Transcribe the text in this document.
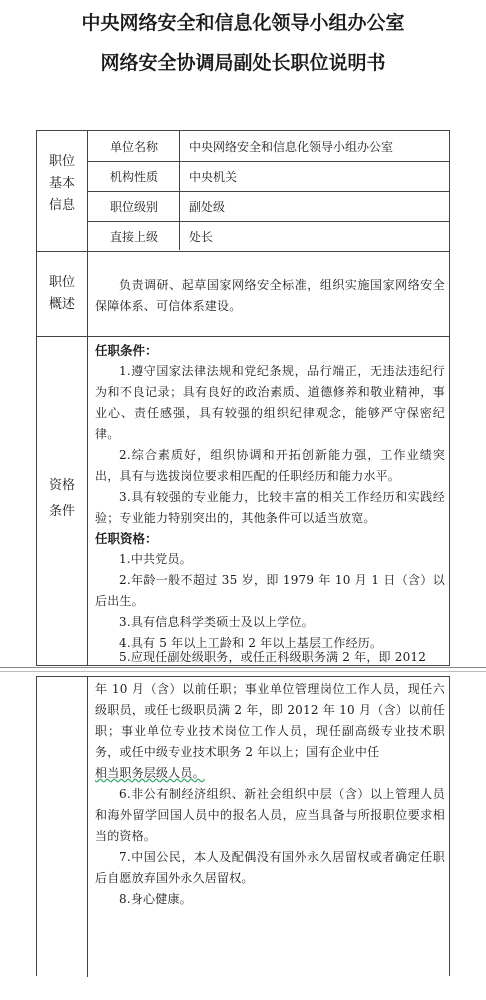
中央网络安全和信息化领导小组办公室
网络安全协调局副处长职位说明书
职位
基本
信息
单位名称	中央网络安全和信息化领导小组办公室
机构性质	中央机关
职位级别	副处级
直接上级	处长
职位
概述
负责调研、起草国家网络安全标准，组织实施国家网络安全保障体系、可信体系建设。
资格
条件
任职条件：
1.遵守国家法律法规和党纪条规，品行端正，无违法违纪行为和不良记录；具有良好的政治素质、道德修养和敬业精神，事业心、责任感强，具有较强的组织纪律观念，能够严守保密纪律。
2.综合素质好，组织协调和开拓创新能力强，工作业绩突出，具有与选拔岗位要求相匹配的任职经历和能力水平。
3.具有较强的专业能力，比较丰富的相关工作经历和实践经验；专业能力特别突出的，其他条件可以适当放宽。
任职资格：
1.中共党员。
2.年龄一般不超过 35 岁，即 1979 年 10 月 1 日（含）以后出生。
3.具有信息科学类硕士及以上学位。
4.具有 5 年以上工龄和 2 年以上基层工作经历。
5.应现任副处级职务，或任正科级职务满 2 年，即 2012
年 10 月（含）以前任职；事业单位管理岗位工作人员，现任六级职员，或任七级职员满 2 年，即 2012 年 10 月（含）以前任职；事业单位专业技术岗位工作人员，现任副高级专业技术职务，或任中级专业技术职务 2 年以上；国有企业中任
相当职务层级人员。
6.非公有制经济组织、新社会组织中层（含）以上管理人员和海外留学回国人员中的报名人员，应当具备与所报职位要求相当的资格。
7.中国公民，本人及配偶没有国外永久居留权或者确定任职后自愿放弃国外永久居留权。
8.身心健康。
